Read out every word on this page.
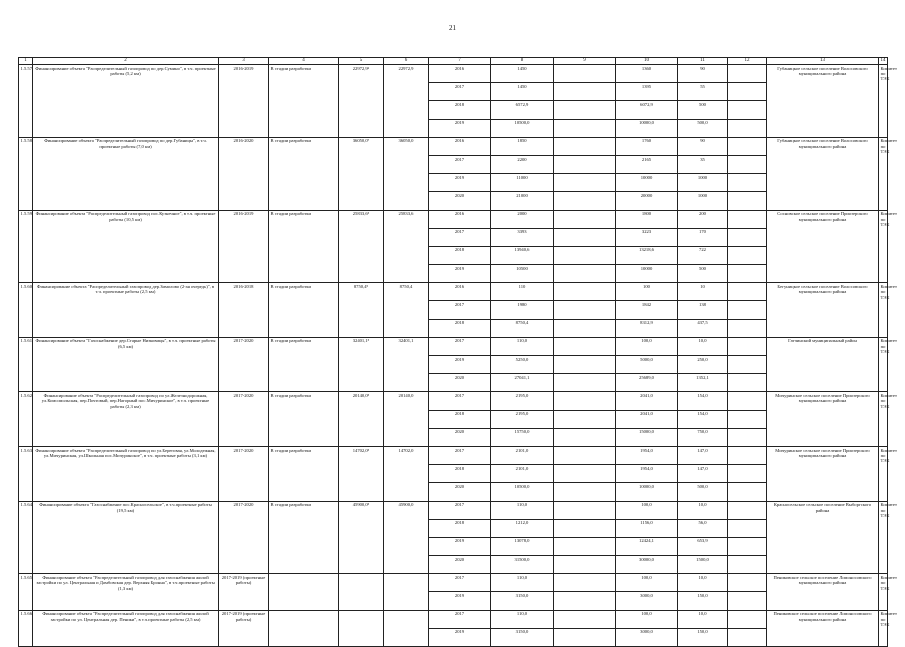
21
1	2	3	4	5	6	7	8	9	10	11	12	13	14
1.5.57.	Финансирование объекта "Распределительный газопровод по дер.Сумино", в т.ч. проектные работы (5,2 км)	2016-2019	В стадии разработки	22972,9⁶	22972,9	2016	1450		1360	90		Губаницкое сельское поселение Волосовского муниципального района	Комитет по ТЭК
						2017	1450		1395	55			
						2018	6572,9		6072,9	500			
						2019	10500,0		10000,0	500,0			
1.5.58.	Финансирование объекта "Распределительный газопровод по дер.Губаницы", в т.ч. проектные работы (7,0 км)	2016-2020	В стадии разработки	36050,0⁷	36050,0	2016	1850		1760	90		Губаницкое сельское поселение Волосовского муниципального района	Комитет по ТЭК
						2017	2200		2165	35			
						2019	11000		10000	1000			
						2020	21000		20000	1000			
1.5.59.	Финансирование объекта "Распределительный газопровод пос.Кузнечное", в т.ч. проектные работы (10,5 км)	2016-2019	В стадии разработки	25833,6⁵	25833,6	2016	2000		1800	200		Сосновское сельское поселение Приозерского муниципального района	Комитет по ТЭК
						2017	3393		3223	170			
						2018	13940,6		13218,6	722			
						2019	10500		10000	500			
1.5.60.	Финансирование объекта "Распределительный газопровод дер.Зимолово (2-ая очередь)", в т.ч. проектные работы (2,5 км)	2016-2018	В стадии разработки	8750,4⁵	8750,4	2016	110		100	10		Бегуницкое сельское поселение Волосовского муниципального района	Комитет по ТЭК
						2017	1980		1842	138			
						2018	8750,4		8312,9	437,5			
1.5.61.	Финансирование объекта "Газоснабжение дер.Старые Низковицы", в т.ч. проектные работы (6,5 км)	2017-2020	В стадии разработки	32401,1⁵	32401,1	2017	110,0		100,0	10,0		Гатчинский муниципальный район	Комитет по ТЭК
						2019	5250,0		5000,0	250,0			
						2020	27041,1		25689,0	1352,1			
1.5.62.	Финансирование объекта "Распределительный газопровод по ул.Железнодорожная, ул.Комсомольская, пер.Почтовый, пер.Нагорный пос.Мичуринское", в т.ч. проектные работы (2,3 км)	2017-2020	В стадии разработки	20140,0⁵	20140,0	2017	2195,0		2041,0	154,0		Мичуринское сельское поселение Приозерского муниципального района	Комитет по ТЭК
						2018	2195,0		2041,0	154,0			
						2020	15750,0		15000,0	750,0			
1.5.63.	Финансирование объекта "Распределительный газопровод по ул.Береговая, ул.Молодежная, ул.Мичуринская, ул.Школьная пос.Мичуринское", в т.ч. проектные работы (3,1 км)	2017-2020	В стадии разработки	14702,0⁵	14702,0	2017	2101,0		1954,0	147,0		Мичуринское сельское поселение Приозерского муниципального района	Комитет по ТЭК
						2018	2101,0		1954,0	147,0			
						2020	10500,0		10000,0	500,0			
1.5.64.	Финансирование объекта "Газоснабжение пос.Красносельское", в т.ч.проектные работы (19,5 км)	2017-2020	В стадии разработки	45900,0⁵	45900,0	2017	110,0		100,0	10,0		Красносельское сельское поселение Выборгского района	Комитет по ТЭК
						2018	1212,0		1156,0	56,0			
						2019	13078,0		12424,1	653,9			
						2020	31500,0		30000,0	1500,0			
1.5.65.	Финансирование объекта "Распределительный газопровод для газоснабжения жилой застройки по ул. Центральная и Дамбовская дер. Верхняя Бронна", в т.ч.проектные работы (1,3 км)	2017-2019 (проектные работы)				2017	110,0		100,0	10,0		Пениковское сельское поселение Ломоносовского муниципального района	Комитет по ТЭК
						2019	3150,0		3000,0	150,0			
1.5.66.	Финансирование объекта "Распределительный газопровод для газоснабжения жилой застройки по ул. Центральная дер. Пеники", в т.ч.проектные работы (2,5 км)	2017-2019 (проектные работы)				2017	110,0		100,0	10,0		Пениковское сельское поселение Ломоносовского муниципального района	Комитет по ТЭК
						2019	3150,0		3000,0	150,0			
